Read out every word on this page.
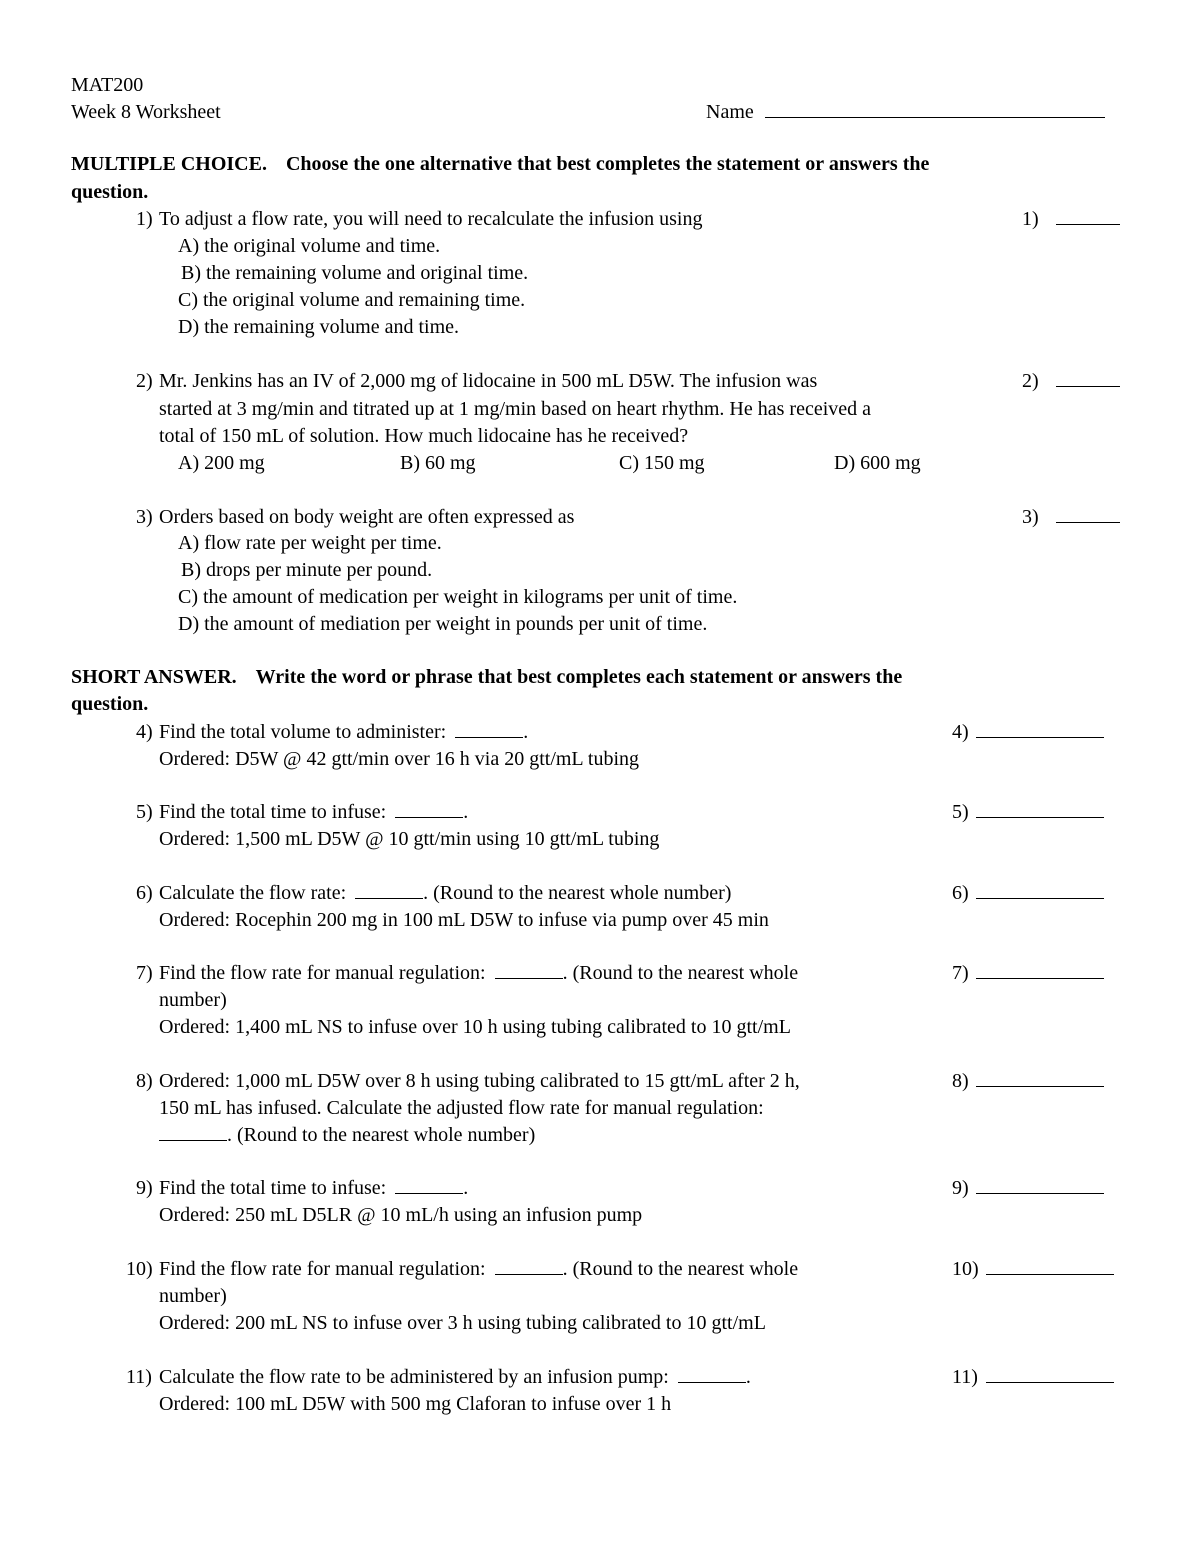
MAT200
Week 8 Worksheet	Name
MULTIPLE CHOICE. Choose the one alternative that best completes the statement or answers the
question.
1) To adjust a flow rate, you will need to recalculate the infusion using
A) the original volume and time.
B) the remaining volume and original time.
C) the original volume and remaining time.
D) the remaining volume and time.
1)
2) Mr. Jenkins has an IV of 2,000 mg of lidocaine in 500 mL D5W. The infusion was
started at 3 mg/min and titrated up at 1 mg/min based on heart rhythm. He has received a
total of 150 mL of solution. How much lidocaine has he received?
A) 200 mg	B) 60 mg	C) 150 mg	D) 600 mg
2)
3) Orders based on body weight are often expressed as
A) flow rate per weight per time.
B) drops per minute per pound.
C) the amount of medication per weight in kilograms per unit of time.
D) the amount of mediation per weight in pounds per unit of time.
3)
SHORT ANSWER. Write the word or phrase that best completes each statement or answers the
question.
4) Find the total volume to administer:	.
Ordered: D5W @ 42 gtt/min over 16 h via 20 gtt/mL tubing
4)
5) Find the total time to infuse:	.
Ordered: 1,500 mL D5W @ 10 gtt/min using 10 gtt/mL tubing
5)
6) Calculate the flow rate:	. (Round to the nearest whole number)
Ordered: Rocephin 200 mg in 100 mL D5W to infuse via pump over 45 min
6)
7) Find the flow rate for manual regulation:	. (Round to the nearest whole
number)
Ordered: 1,400 mL NS to infuse over 10 h using tubing calibrated to 10 gtt/mL
7)
8) Ordered: 1,000 mL D5W over 8 h using tubing calibrated to 15 gtt/mL after 2 h,
150 mL has infused. Calculate the adjusted flow rate for manual regulation:
. (Round to the nearest whole number)
8)
9) Find the total time to infuse:	.
Ordered: 250 mL D5LR @ 10 mL/h using an infusion pump
9)
10) Find the flow rate for manual regulation:	. (Round to the nearest whole
number)
Ordered: 200 mL NS to infuse over 3 h using tubing calibrated to 10 gtt/mL
10)
11) Calculate the flow rate to be administered by an infusion pump:	.
Ordered: 100 mL D5W with 500 mg Claforan to infuse over 1 h
11)
